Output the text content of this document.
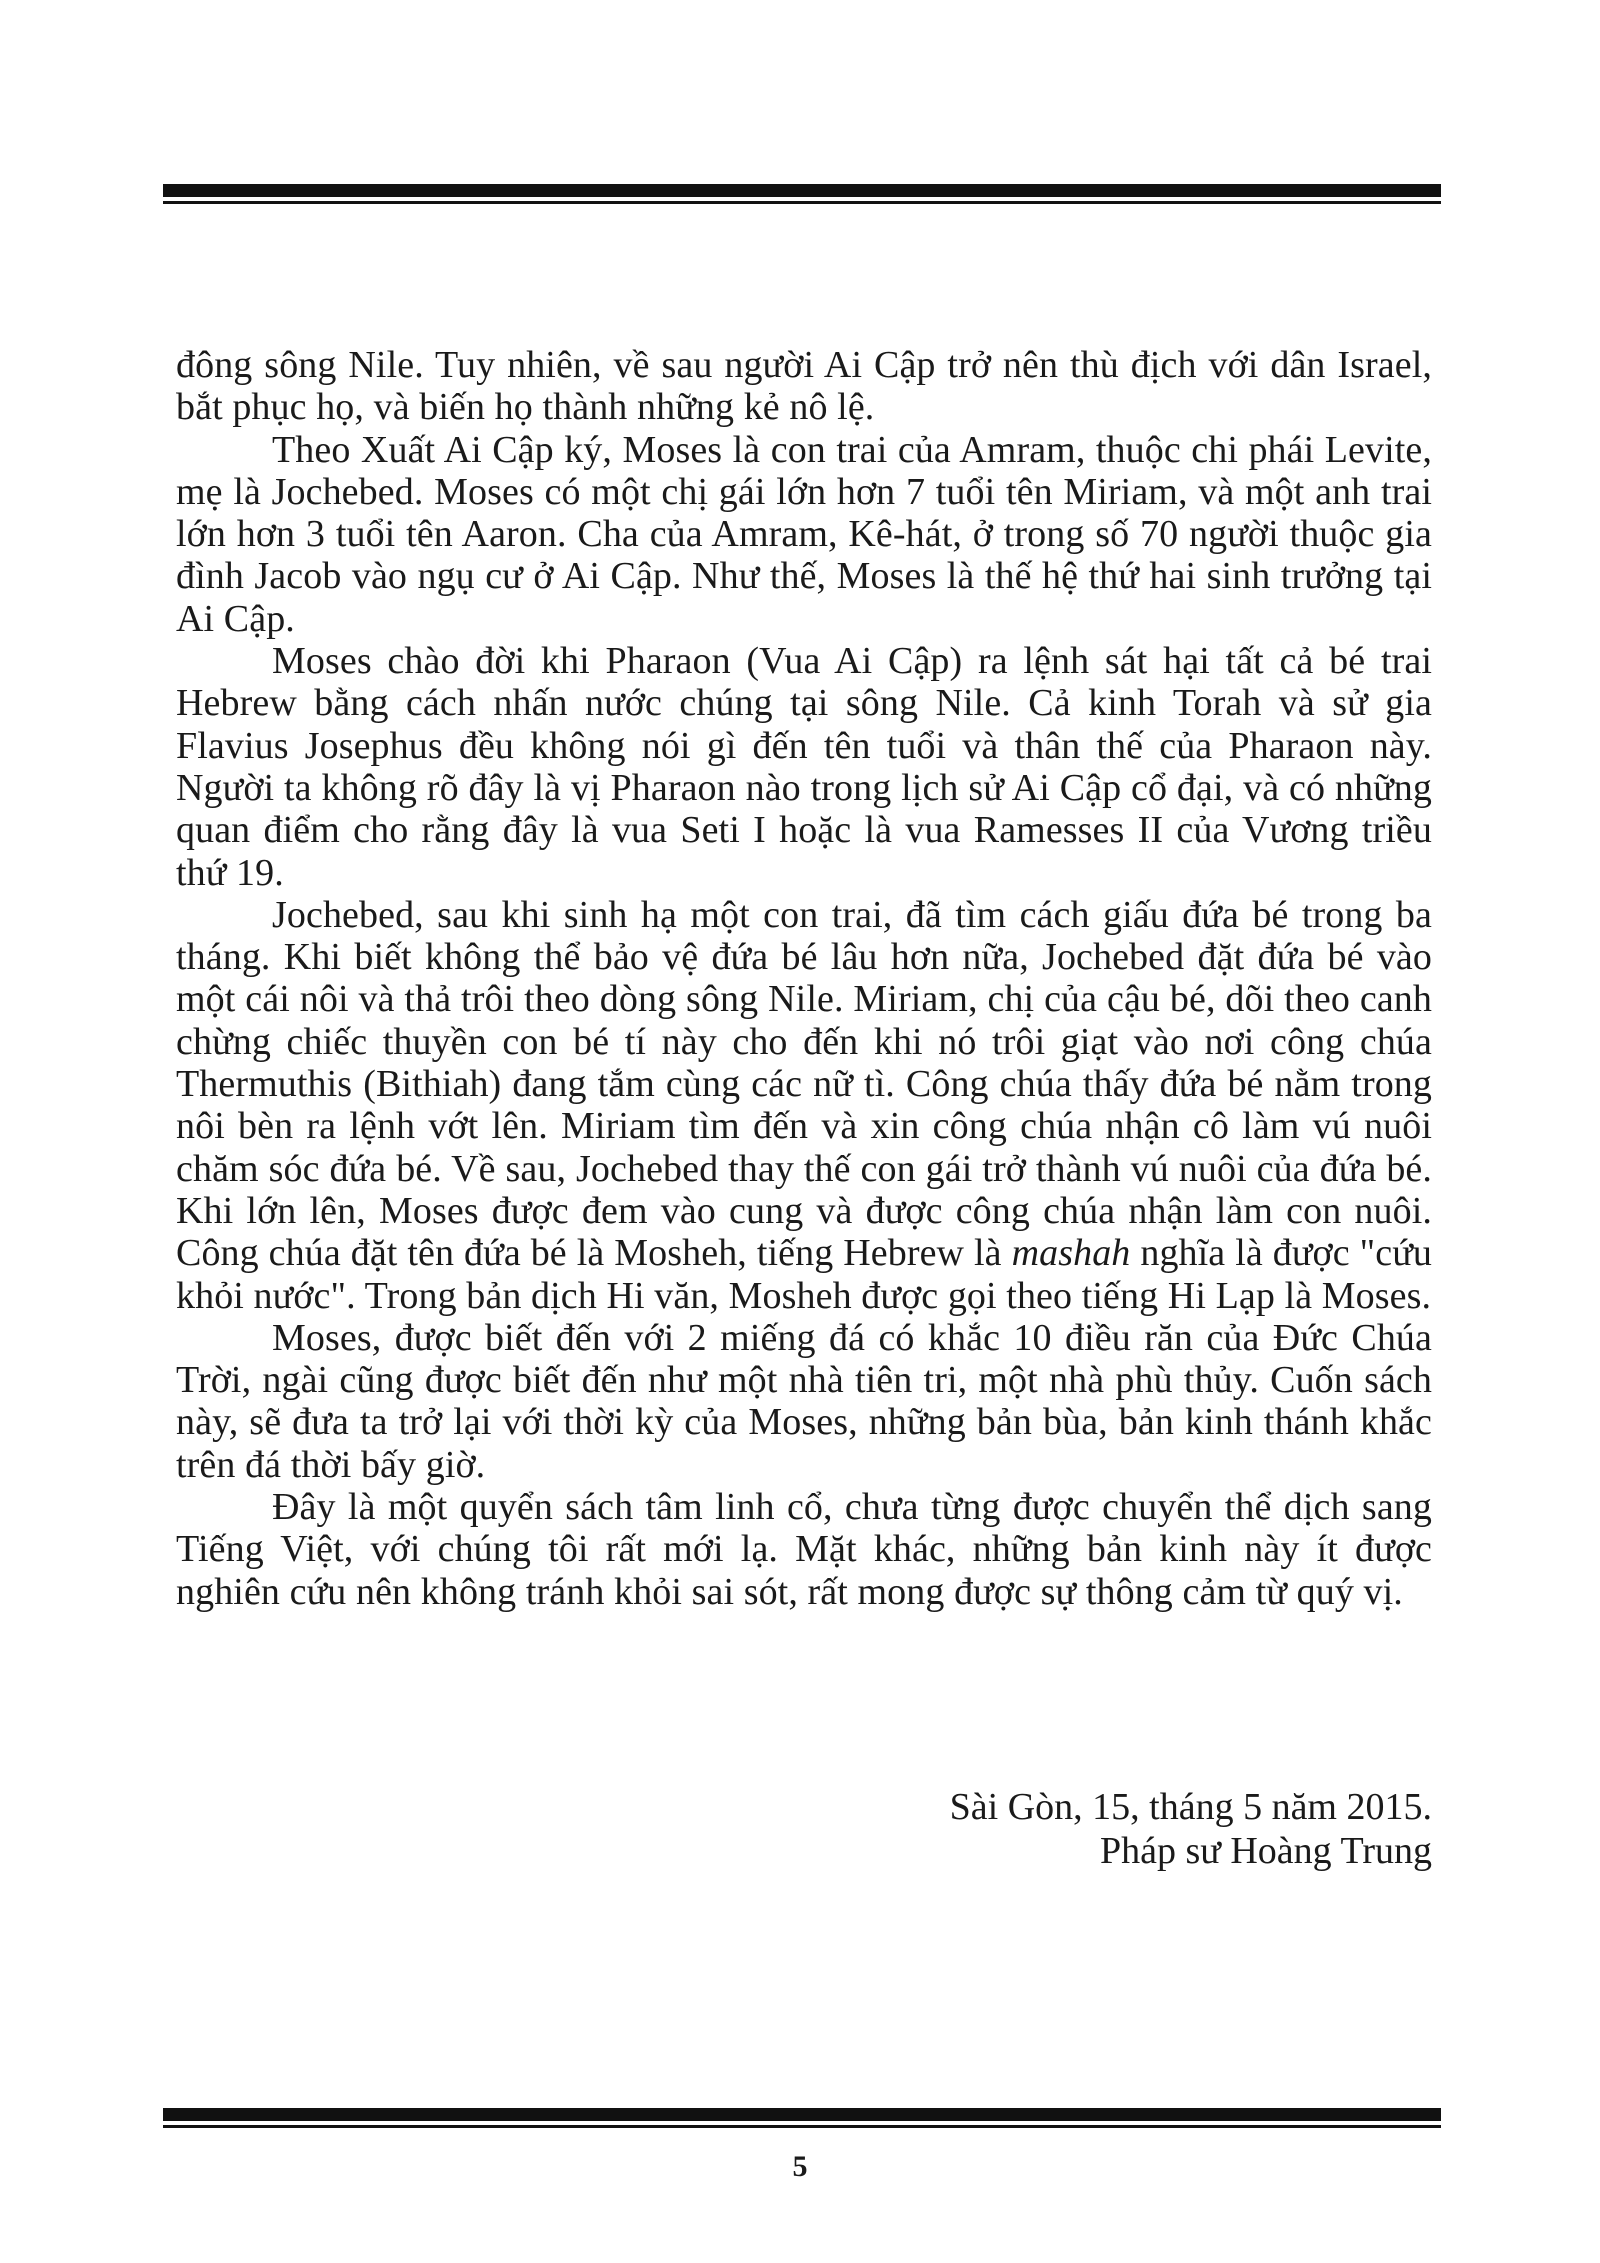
đông sông Nile. Tuy nhiên, về sau người Ai Cập trở nên thù địch với dân Israel, bắt phục họ, và biến họ thành những kẻ nô lệ.

Theo Xuất Ai Cập ký, Moses là con trai của Amram, thuộc chi phái Levite, mẹ là Jochebed. Moses có một chị gái lớn hơn 7 tuổi tên Miriam, và một anh trai lớn hơn 3 tuổi tên Aaron. Cha của Amram, Kê-hát, ở trong số 70 người thuộc gia đình Jacob vào ngụ cư ở Ai Cập. Như thế, Moses là thế hệ thứ hai sinh trưởng tại Ai Cập.

Moses chào đời khi Pharaon (Vua Ai Cập) ra lệnh sát hại tất cả bé trai Hebrew bằng cách nhấn nước chúng tại sông Nile. Cả kinh Torah và sử gia Flavius Josephus đều không nói gì đến tên tuổi và thân thế của Pharaon này. Người ta không rõ đây là vị Pharaon nào trong lịch sử Ai Cập cổ đại, và có những quan điểm cho rằng đây là vua Seti I hoặc là vua Ramesses II của Vương triều thứ 19.

Jochebed, sau khi sinh hạ một con trai, đã tìm cách giấu đứa bé trong ba tháng. Khi biết không thể bảo vệ đứa bé lâu hơn nữa, Jochebed đặt đứa bé vào một cái nôi và thả trôi theo dòng sông Nile. Miriam, chị của cậu bé, dõi theo canh chừng chiếc thuyền con bé tí này cho đến khi nó trôi giạt vào nơi công chúa Thermuthis (Bithiah) đang tắm cùng các nữ tì. Công chúa thấy đứa bé nằm trong nôi bèn ra lệnh vớt lên. Miriam tìm đến và xin công chúa nhận cô làm vú nuôi chăm sóc đứa bé. Về sau, Jochebed thay thế con gái trở thành vú nuôi của đứa bé. Khi lớn lên, Moses được đem vào cung và được công chúa nhận làm con nuôi. Công chúa đặt tên đứa bé là Mosheh, tiếng Hebrew là mashah nghĩa là được "cứu khỏi nước". Trong bản dịch Hi văn, Mosheh được gọi theo tiếng Hi Lạp là Moses.

Moses, được biết đến với 2 miếng đá có khắc 10 điều răn của Đức Chúa Trời, ngài cũng được biết đến như một nhà tiên tri, một nhà phù thủy. Cuốn sách này, sẽ đưa ta trở lại với thời kỳ của Moses, những bản bùa, bản kinh thánh khắc trên đá thời bấy giờ.

Đây là một quyển sách tâm linh cổ, chưa từng được chuyển thể dịch sang Tiếng Việt, với chúng tôi rất mới lạ. Mặt khác, những bản kinh này ít được nghiên cứu nên không tránh khỏi sai sót, rất mong được sự thông cảm từ quý vị.

Sài Gòn, 15, tháng 5 năm 2015.
Pháp sư Hoàng Trung
5
